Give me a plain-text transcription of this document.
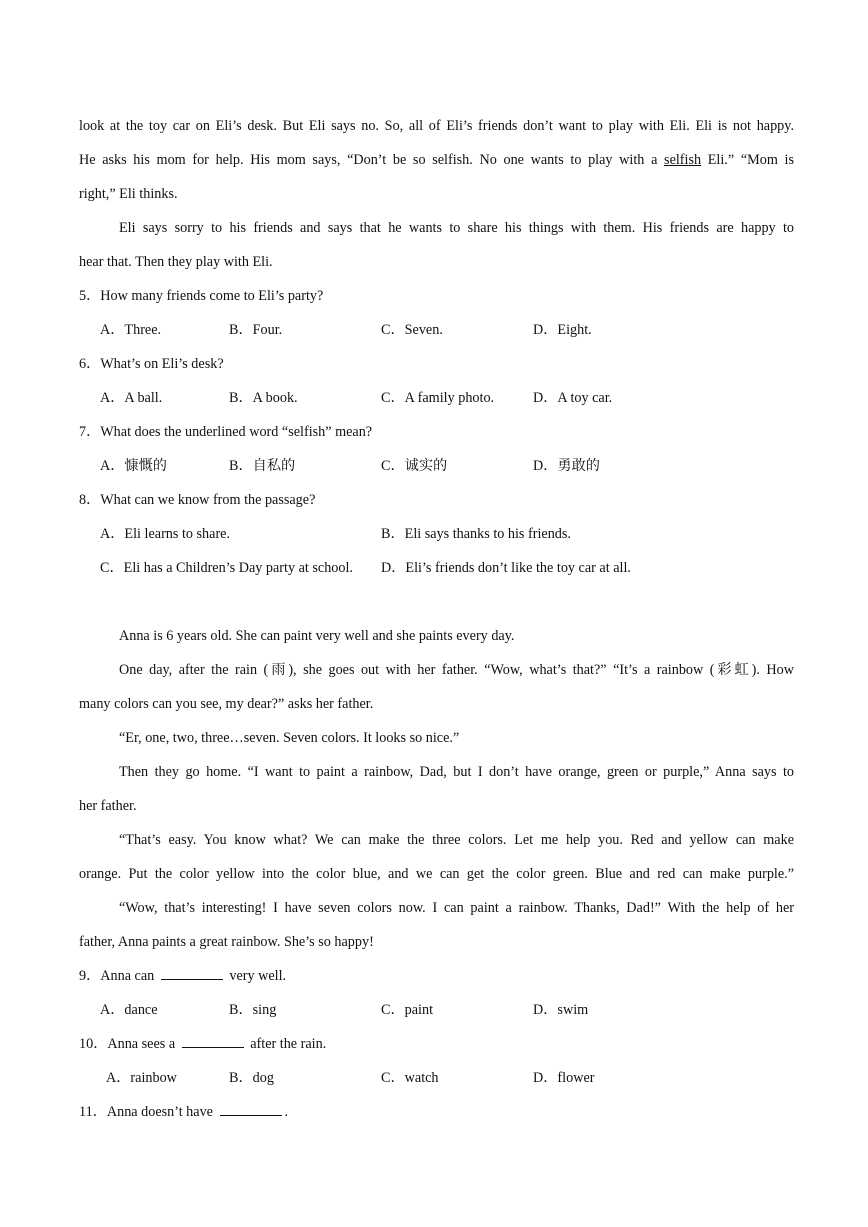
look at the toy car on Eli’s desk. But Eli says no. So, all of Eli’s friends don’t want to play with Eli. Eli is not happy.
He asks his mom for help. His mom says, “Don’t be so selfish. No one wants to play with a selfish Eli.” “Mom is
right,” Eli thinks.
Eli says sorry to his friends and says that he wants to share his things with them. His friends are happy to
hear that. Then they play with Eli.
5．How many friends come to Eli’s party?
A．Three.	B．Four.	C．Seven.	D．Eight.
6．What’s on Eli’s desk?
A．A ball.	B．A book.	C．A family photo.	D．A toy car.
7．What does the underlined word “selfish” mean?
A．慷慨的	B．自私的	C．诚实的	D．勇敢的
8．What can we know from the passage?
A．Eli learns to share.	B．Eli says thanks to his friends.
C．Eli has a Children’s Day party at school. D．Eli’s friends don’t like the toy car at all.
Anna is 6 years old. She can paint very well and she paints every day.
One day, after the rain (雨), she goes out with her father. “Wow, what’s that?” “It’s a rainbow (彩虹). How
many colors can you see, my dear?” asks her father.
“Er, one, two, three…seven. Seven colors. It looks so nice.”
Then they go home. “I want to paint a rainbow, Dad, but I don’t have orange, green or purple,” Anna says to
her father.
“That’s easy. You know what? We can make the three colors. Let me help you. Red and yellow can make
orange. Put the color yellow into the color blue, and we can get the color green. Blue and red can make purple.”
“Wow, that’s interesting! I have seven colors now. I can paint a rainbow. Thanks, Dad!” With the help of her
father, Anna paints a great rainbow. She’s so happy!
9．Anna can	very well.
A．dance	B．sing	C．paint	D．swim
10．Anna sees a	after the rain.
A．rainbow	B．dog	C．watch	D．flower
11．Anna doesn’t have	.
